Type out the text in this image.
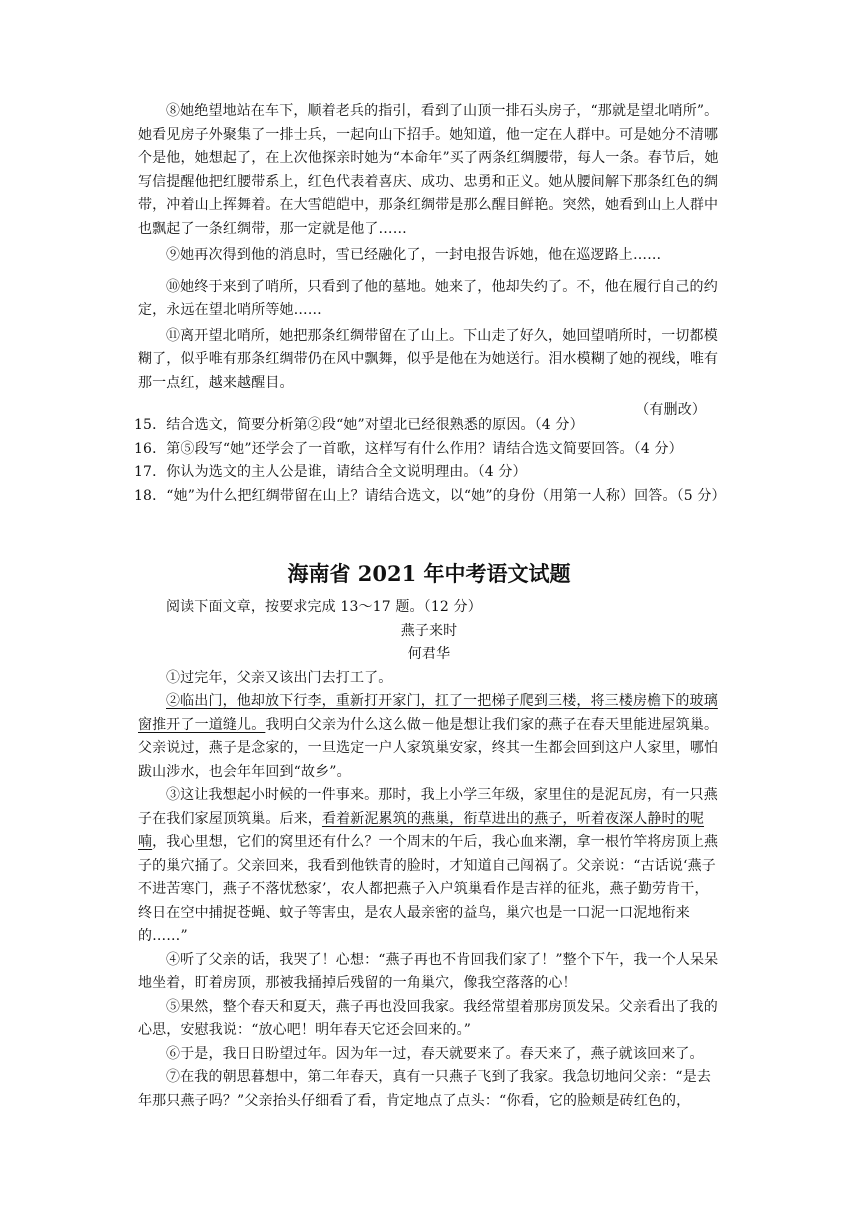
⑧她绝望地站在车下，顺着老兵的指引，看到了山顶一排石头房子，“那就是望北哨所”。她看见房子外聚集了一排士兵，一起向山下招手。她知道，他一定在人群中。可是她分不清哪个是他，她想起了，在上次他探亲时她为“本命年”买了两条红绸腰带，每人一条。春节后，她写信提醒他把红腰带系上，红色代表着喜庆、成功、忠勇和正义。她从腰间解下那条红色的绸带，冲着山上挥舞着。在大雪皑皑中，那条红绸带是那么醒目鲜艳。突然，她看到山上人群中也飘起了一条红绸带，那一定就是他了……

⑨她再次得到他的消息时，雪已经融化了，一封电报告诉她，他在巡逻路上……

⑩她终于来到了哨所，只看到了他的墓地。她来了，他却失约了。不，他在履行自己的约定，永远在望北哨所等她……

⑪离开望北哨所，她把那条红绸带留在了山上。下山走了好久，她回望哨所时，一切都模糊了，似乎唯有那条红绸带仍在风中飘舞，似乎是他在为她送行。泪水模糊了她的视线，唯有那一点红，越来越醒目。

（有删改）

15．结合选文，简要分析第②段“她”对望北已经很熟悉的原因。（4 分）

16．第⑤段写“她”还学会了一首歌，这样写有什么作用？请结合选文简要回答。（4 分）

17．你认为选文的主人公是谁，请结合全文说明理由。（4 分）

18．“她”为什么把红绸带留在山上？请结合选文，以“她”的身份（用第一人称）回答。（5 分）

海南省 2021 年中考语文试题

阅读下面文章，按要求完成 13～17 题。（12 分）

燕子来时

何君华

①过完年，父亲又该出门去打工了。

②临出门，他却放下行李，重新打开家门，扛了一把梯子爬到三楼，将三楼房檐下的玻璃窗推开了一道缝儿。我明白父亲为什么这么做－他是想让我们家的燕子在春天里能进屋筑巢。父亲说过，燕子是念家的，一旦选定一户人家筑巢安家，终其一生都会回到这户人家里，哪怕跋山涉水，也会年年回到“故乡”。

③这让我想起小时候的一件事来。那时，我上小学三年级，家里住的是泥瓦房，有一只燕子在我们家屋顶筑巢。后来，看着新泥累筑的燕巢，衔草进出的燕子，听着夜深人静时的呢喃，我心里想，它们的窝里还有什么？一个周末的午后，我心血来潮，拿一根竹竿将房顶上燕子的巢穴捅了。父亲回来，我看到他铁青的脸时，才知道自己闯祸了。父亲说：“古话说‘燕子不进苦寒门，燕子不落忧愁家’，农人都把燕子入户筑巢看作是吉祥的征兆，燕子勤劳肯干，终日在空中捕捉苍蝇、蚊子等害虫，是农人最亲密的益鸟，巢穴也是一口泥一口泥地衔来的……”

④听了父亲的话，我哭了！心想：“燕子再也不肯回我们家了！”整个下午，我一个人呆呆地坐着，盯着房顶，那被我捅掉后残留的一角巢穴，像我空落落的心！

⑤果然，整个春天和夏天，燕子再也没回我家。我经常望着那房顶发呆。父亲看出了我的心思，安慰我说：“放心吧！明年春天它还会回来的。”

⑥于是，我日日盼望过年。因为年一过，春天就要来了。春天来了，燕子就该回来了。

⑦在我的朝思暮想中，第二年春天，真有一只燕子飞到了我家。我急切地问父亲：“是去年那只燕子吗？”父亲抬头仔细看了看，肯定地点了点头：“你看，它的脸颊是砖红色的，
